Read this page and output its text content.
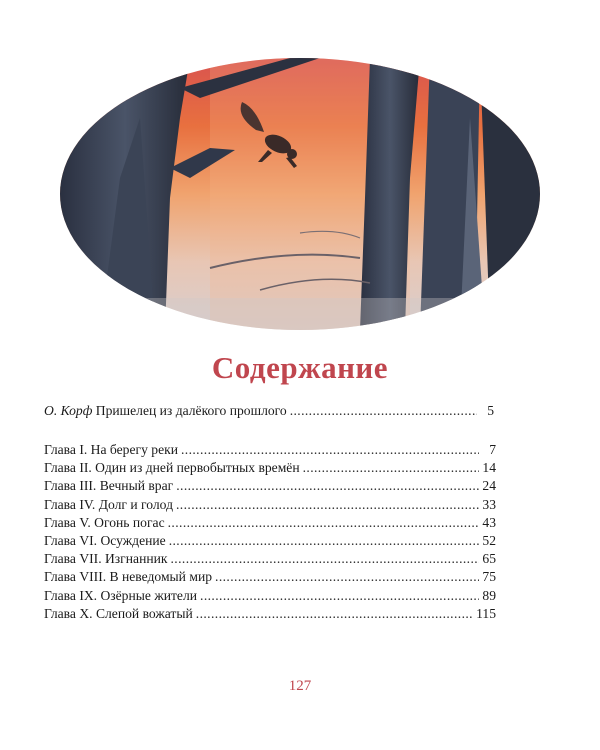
Содержание
О. Корф Пришелец из далёкого прошлого . . .	5
Глава I. На берегу реки . . .	7
Глава II. Один из дней первобытных времён . . .	14
Глава III. Вечный враг . . .	24
Глава IV. Долг и голод . . .	33
Глава V. Огонь погас . . .	43
Глава VI. Осуждение . . .	52
Глава VII. Изгнанник . . .	65
Глава VIII. В неведомый мир . . .	75
Глава IX. Озёрные жители . . .	89
Глава X. Слепой вожатый . . .	115
127
